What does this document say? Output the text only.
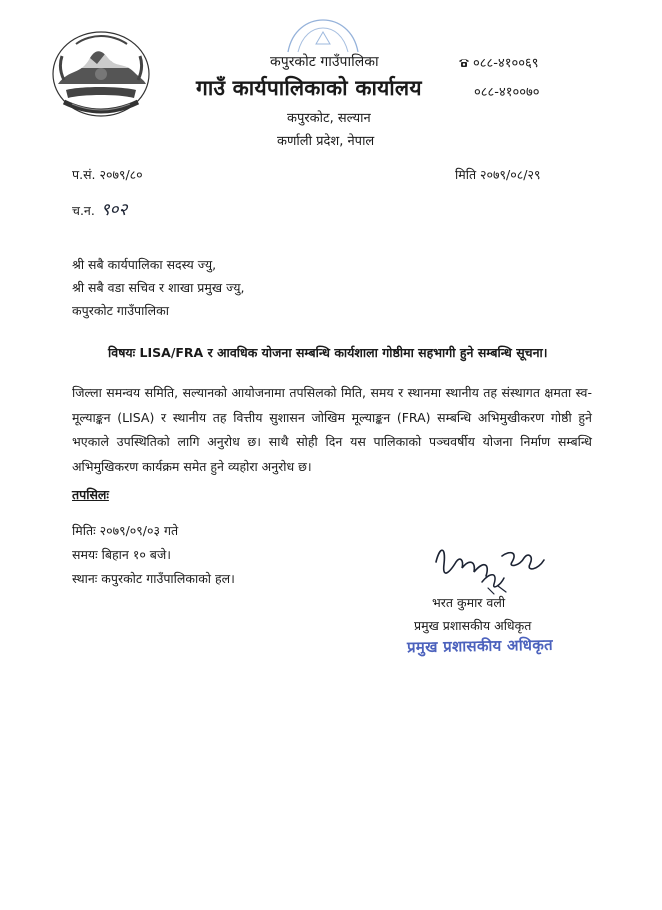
कपुरकोट गाउँपालिका
गाउँ कार्यपालिकाको कार्यालय
०८८-४१००६९
०८८-४१००७०
कपुरकोट, सल्यान
कर्णाली प्रदेश, नेपाल
प.सं. २०७९/८०	मिति २०७९/०८/२९
च.न. ९०२
श्री सबै कार्यपालिका सदस्य ज्यु,
श्री सबै वडा सचिव र शाखा प्रमुख ज्यु,
कपुरकोट गाउँपालिका
विषयः LISA/FRA र आवधिक योजना सम्बन्धि कार्यशाला गोष्ठीमा सहभागी हुने सम्बन्धि सूचना।
जिल्ला समन्वय समिति, सल्यानको आयोजनामा तपसिलको मिति, समय र स्थानमा स्थानीय तह संस्थागत क्षमता स्व-मूल्याङ्कन (LISA) र स्थानीय तह वित्तीय सुशासन जोखिम मूल्याङ्कन (FRA) सम्बन्धि अभिमुखीकरण गोष्ठी हुने भएकाले उपस्थितिको लागि अनुरोध छ। साथै सोही दिन यस पालिकाको पञ्चवर्षीय योजना निर्माण सम्बन्धि अभिमुखिकरण कार्यक्रम समेत हुने व्यहोरा अनुरोध छ।
तपसिलः
मितिः २०७९/०९/०३ गते
समयः बिहान १० बजे।
स्थानः कपुरकोट गाउँपालिकाको हल।
भरत कुमार वली
प्रमुख प्रशासकीय अधिकृत
प्रमुख प्रशासकीय अधिकृत
